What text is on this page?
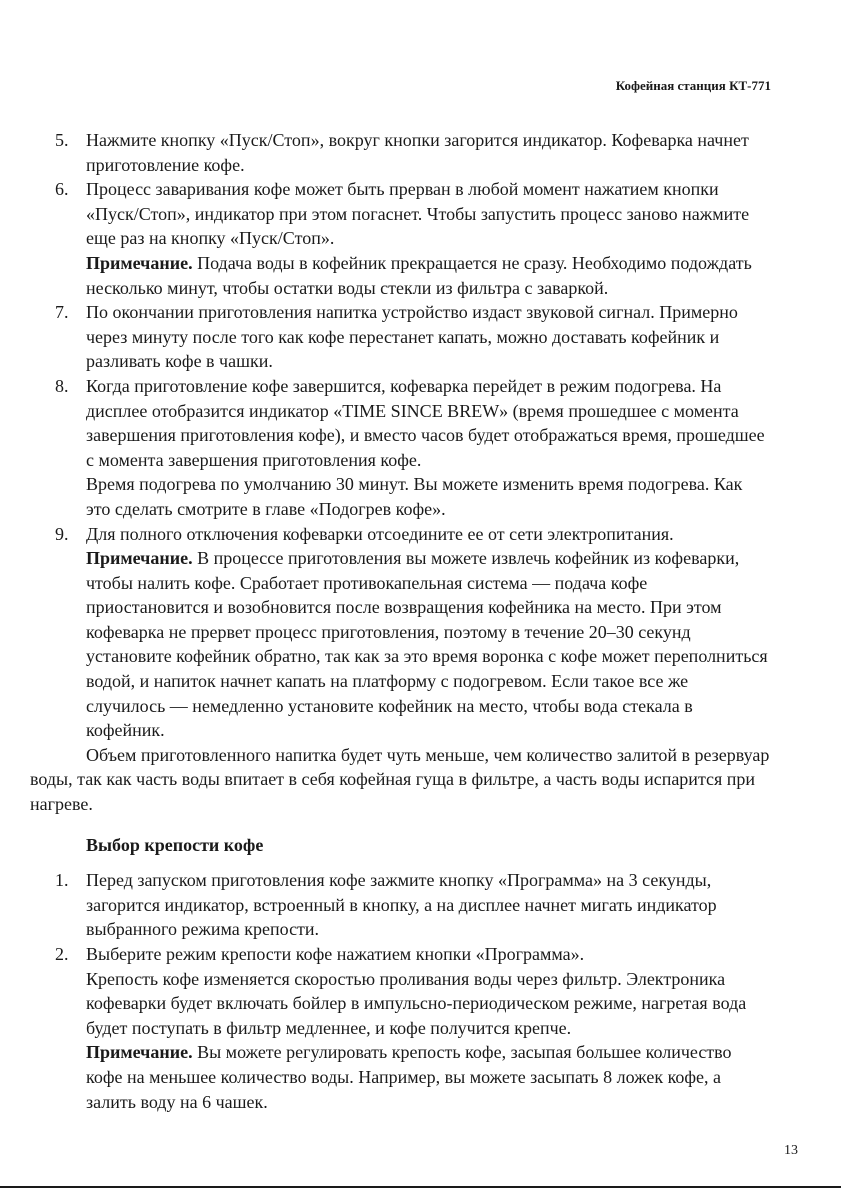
Кофейная станция КТ-771
5. Нажмите кнопку «Пуск/Стоп», вокруг кнопки загорится индикатор. Кофеварка начнет приготовление кофе.
6. Процесс заваривания кофе может быть прерван в любой момент нажатием кнопки «Пуск/Стоп», индикатор при этом погаснет. Чтобы запустить процесс заново нажмите еще раз на кнопку «Пуск/Стоп».
Примечание. Подача воды в кофейник прекращается не сразу. Необходимо подождать несколько минут, чтобы остатки воды стекли из фильтра с заваркой.
7. По окончании приготовления напитка устройство издаст звуковой сигнал. Примерно через минуту после того как кофе перестанет капать, можно доставать кофейник и разливать кофе в чашки.
8. Когда приготовление кофе завершится, кофеварка перейдет в режим подогрева. На дисплее отобразится индикатор «TIME SINCE BREW» (время прошедшее с момента завершения приготовления кофе), и вместо часов будет отображаться время, прошедшее с момента завершения приготовления кофе.
Время подогрева по умолчанию 30 минут. Вы можете изменить время подогрева. Как это сделать смотрите в главе «Подогрев кофе».
9. Для полного отключения кофеварки отсоедините ее от сети электропитания.
Примечание. В процессе приготовления вы можете извлечь кофейник из кофеварки, чтобы налить кофе. Сработает противокапельная система — подача кофе приостановится и возобновится после возвращения кофейника на место. При этом кофеварка не прервет процесс приготовления, поэтому в течение 20–30 секунд установите кофейник обратно, так как за это время воронка с кофе может переполниться водой, и напиток начнет капать на платформу с подогревом. Если такое все же случилось — немедленно установите кофейник на место, чтобы вода стекала в кофейник.
Объем приготовленного напитка будет чуть меньше, чем количество залитой в резервуар воды, так как часть воды впитает в себя кофейная гуща в фильтре, а часть воды испарится при нагреве.
Выбор крепости кофе
1. Перед запуском приготовления кофе зажмите кнопку «Программа» на 3 секунды, загорится индикатор, встроенный в кнопку, а на дисплее начнет мигать индикатор выбранного режима крепости.
2. Выберите режим крепости кофе нажатием кнопки «Программа».
Крепость кофе изменяется скоростью проливания воды через фильтр. Электроника кофеварки будет включать бойлер в импульсно-периодическом режиме, нагретая вода будет поступать в фильтр медленнее, и кофе получится крепче.
Примечание. Вы можете регулировать крепость кофе, засыпая большее количество кофе на меньшее количество воды. Например, вы можете засыпать 8 ложек кофе, а залить воду на 6 чашек.
13
